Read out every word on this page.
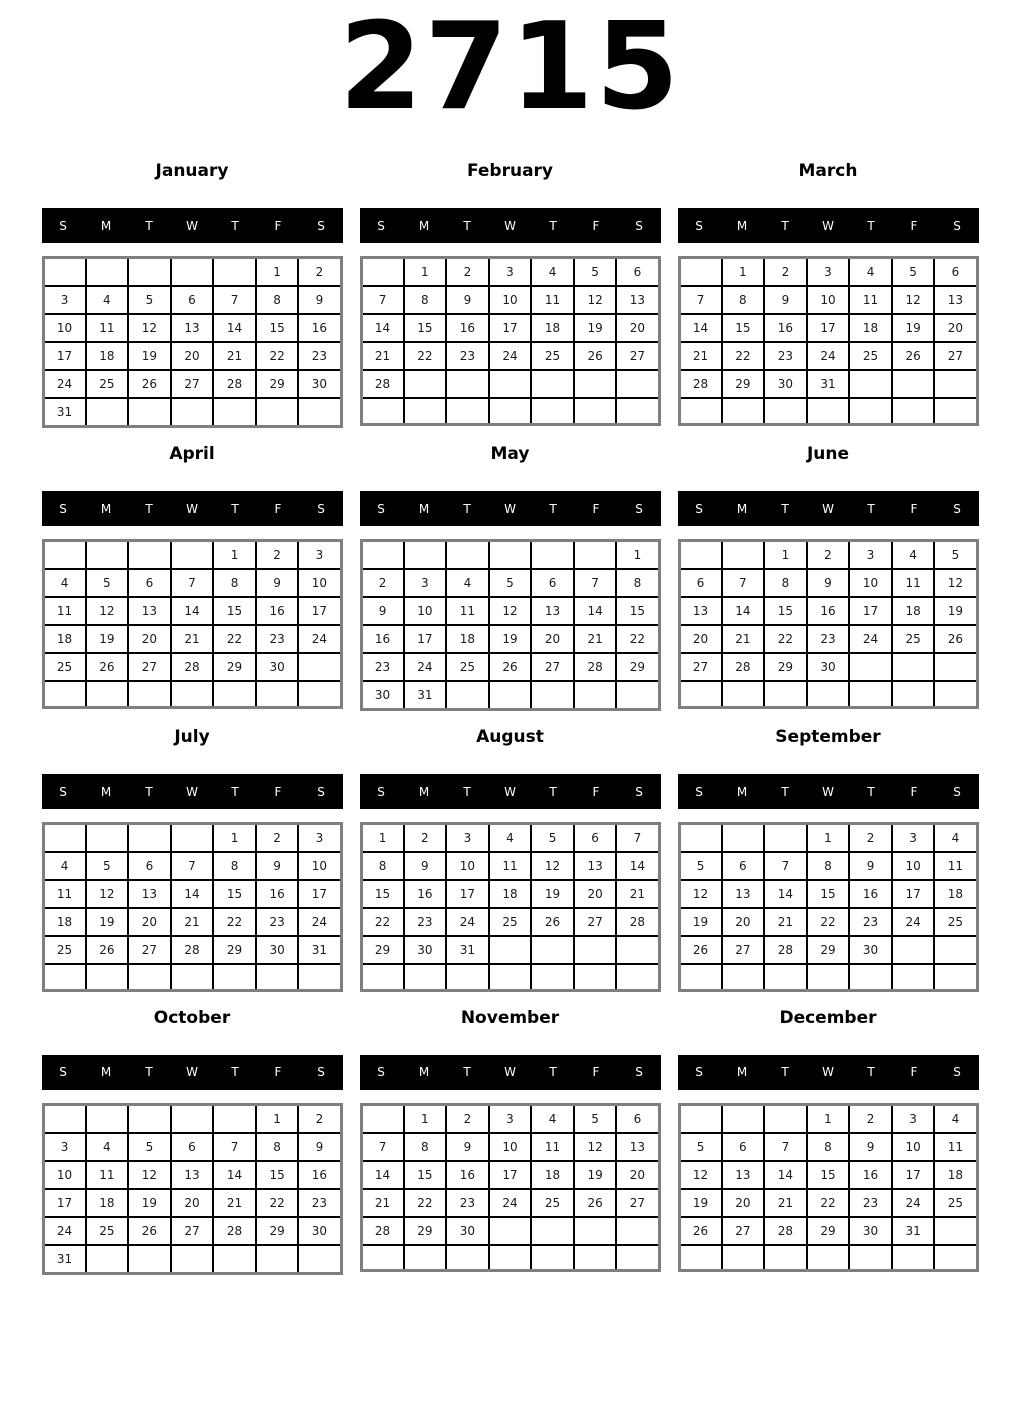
2715
January
S	M	T	W	T	F	S
					1	2
3	4	5	6	7	8	9
10	11	12	13	14	15	16
17	18	19	20	21	22	23
24	25	26	27	28	29	30
31						
February
S	M	T	W	T	F	S
	1	2	3	4	5	6
7	8	9	10	11	12	13
14	15	16	17	18	19	20
21	22	23	24	25	26	27
28						

March
S	M	T	W	T	F	S
	1	2	3	4	5	6
7	8	9	10	11	12	13
14	15	16	17	18	19	20
21	22	23	24	25	26	27
28	29	30	31			

April
S	M	T	W	T	F	S
				1	2	3
4	5	6	7	8	9	10
11	12	13	14	15	16	17
18	19	20	21	22	23	24
25	26	27	28	29	30	

May
S	M	T	W	T	F	S
						1
2	3	4	5	6	7	8
9	10	11	12	13	14	15
16	17	18	19	20	21	22
23	24	25	26	27	28	29
30	31					
June
S	M	T	W	T	F	S
		1	2	3	4	5
6	7	8	9	10	11	12
13	14	15	16	17	18	19
20	21	22	23	24	25	26
27	28	29	30			

July
S	M	T	W	T	F	S
				1	2	3
4	5	6	7	8	9	10
11	12	13	14	15	16	17
18	19	20	21	22	23	24
25	26	27	28	29	30	31

August
S	M	T	W	T	F	S
1	2	3	4	5	6	7
8	9	10	11	12	13	14
15	16	17	18	19	20	21
22	23	24	25	26	27	28
29	30	31				

September
S	M	T	W	T	F	S
			1	2	3	4
5	6	7	8	9	10	11
12	13	14	15	16	17	18
19	20	21	22	23	24	25
26	27	28	29	30		

October
S	M	T	W	T	F	S
					1	2
3	4	5	6	7	8	9
10	11	12	13	14	15	16
17	18	19	20	21	22	23
24	25	26	27	28	29	30
31						
November
S	M	T	W	T	F	S
	1	2	3	4	5	6
7	8	9	10	11	12	13
14	15	16	17	18	19	20
21	22	23	24	25	26	27
28	29	30				

December
S	M	T	W	T	F	S
			1	2	3	4
5	6	7	8	9	10	11
12	13	14	15	16	17	18
19	20	21	22	23	24	25
26	27	28	29	30	31	
